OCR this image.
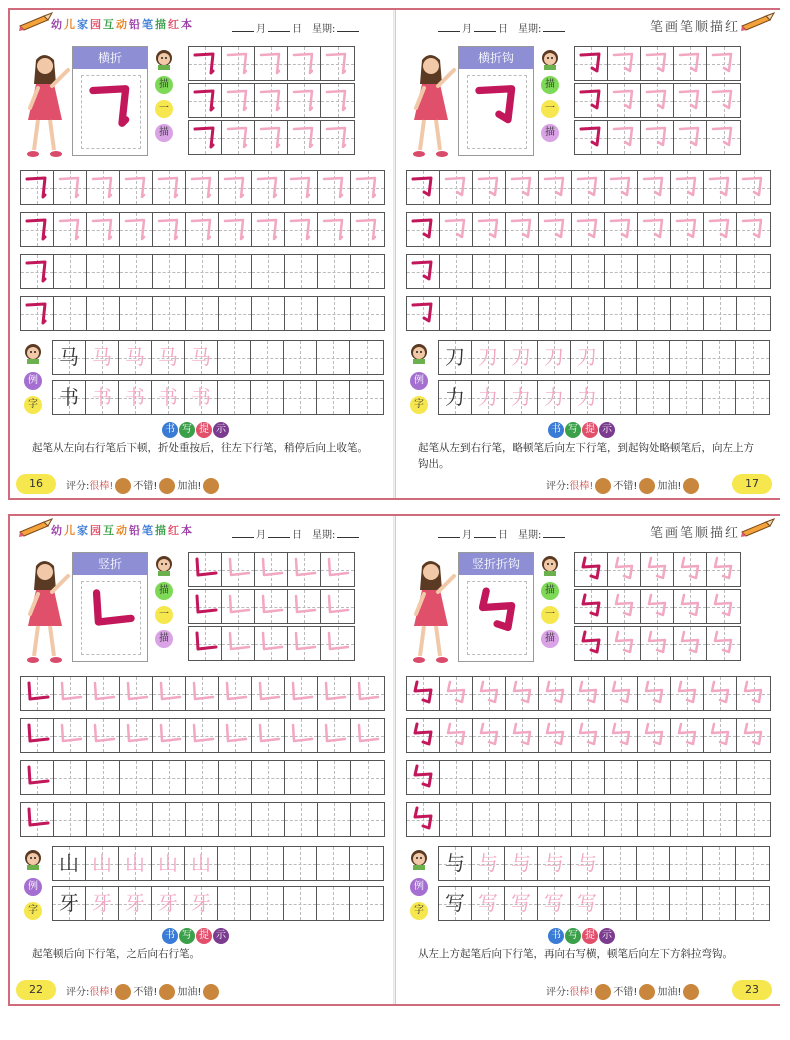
幼 儿 家 园 互 动 铅 笔 描 红 本	月	日 星期:
横折
描
一
描
例
字
马 马 马 马 马
书 书 书 书 书
书 写 提 示
起笔从左向右行笔后下顿，折处重按后，往左下行笔，稍停后向上收笔。
16	评分:很棒! 不错! 加油!
月	日 星期:	笔画笔顺描红
横折钩
描
一
描
例
字
刀 刀 刀 刀 刀
力 力 力 力 力
书 写 提 示
起笔从左到右行笔，略顿笔后向左下行笔，到起钩处略顿笔后，向左上方钩出。
17
评分:很棒! 不错! 加油!
幼 儿 家 园 互 动 铅 笔 描 红 本	月	日 星期:
竖折
描
一
描
例
字
山 山 山 山 山
牙 牙 牙 牙 牙
书 写 提 示
起笔顿后向下行笔，之后向右行笔。
22	评分:很棒! 不错! 加油!
月	日 星期:	笔画笔顺描红
竖折折钩
描
一
描
例
字
与 与 与 与 与
写 写 写 写 写
书 写 提 示
从左上方起笔后向下行笔，再向右写横，顿笔后向左下方斜拉弯钩。
23
评分:很棒! 不错! 加油!
